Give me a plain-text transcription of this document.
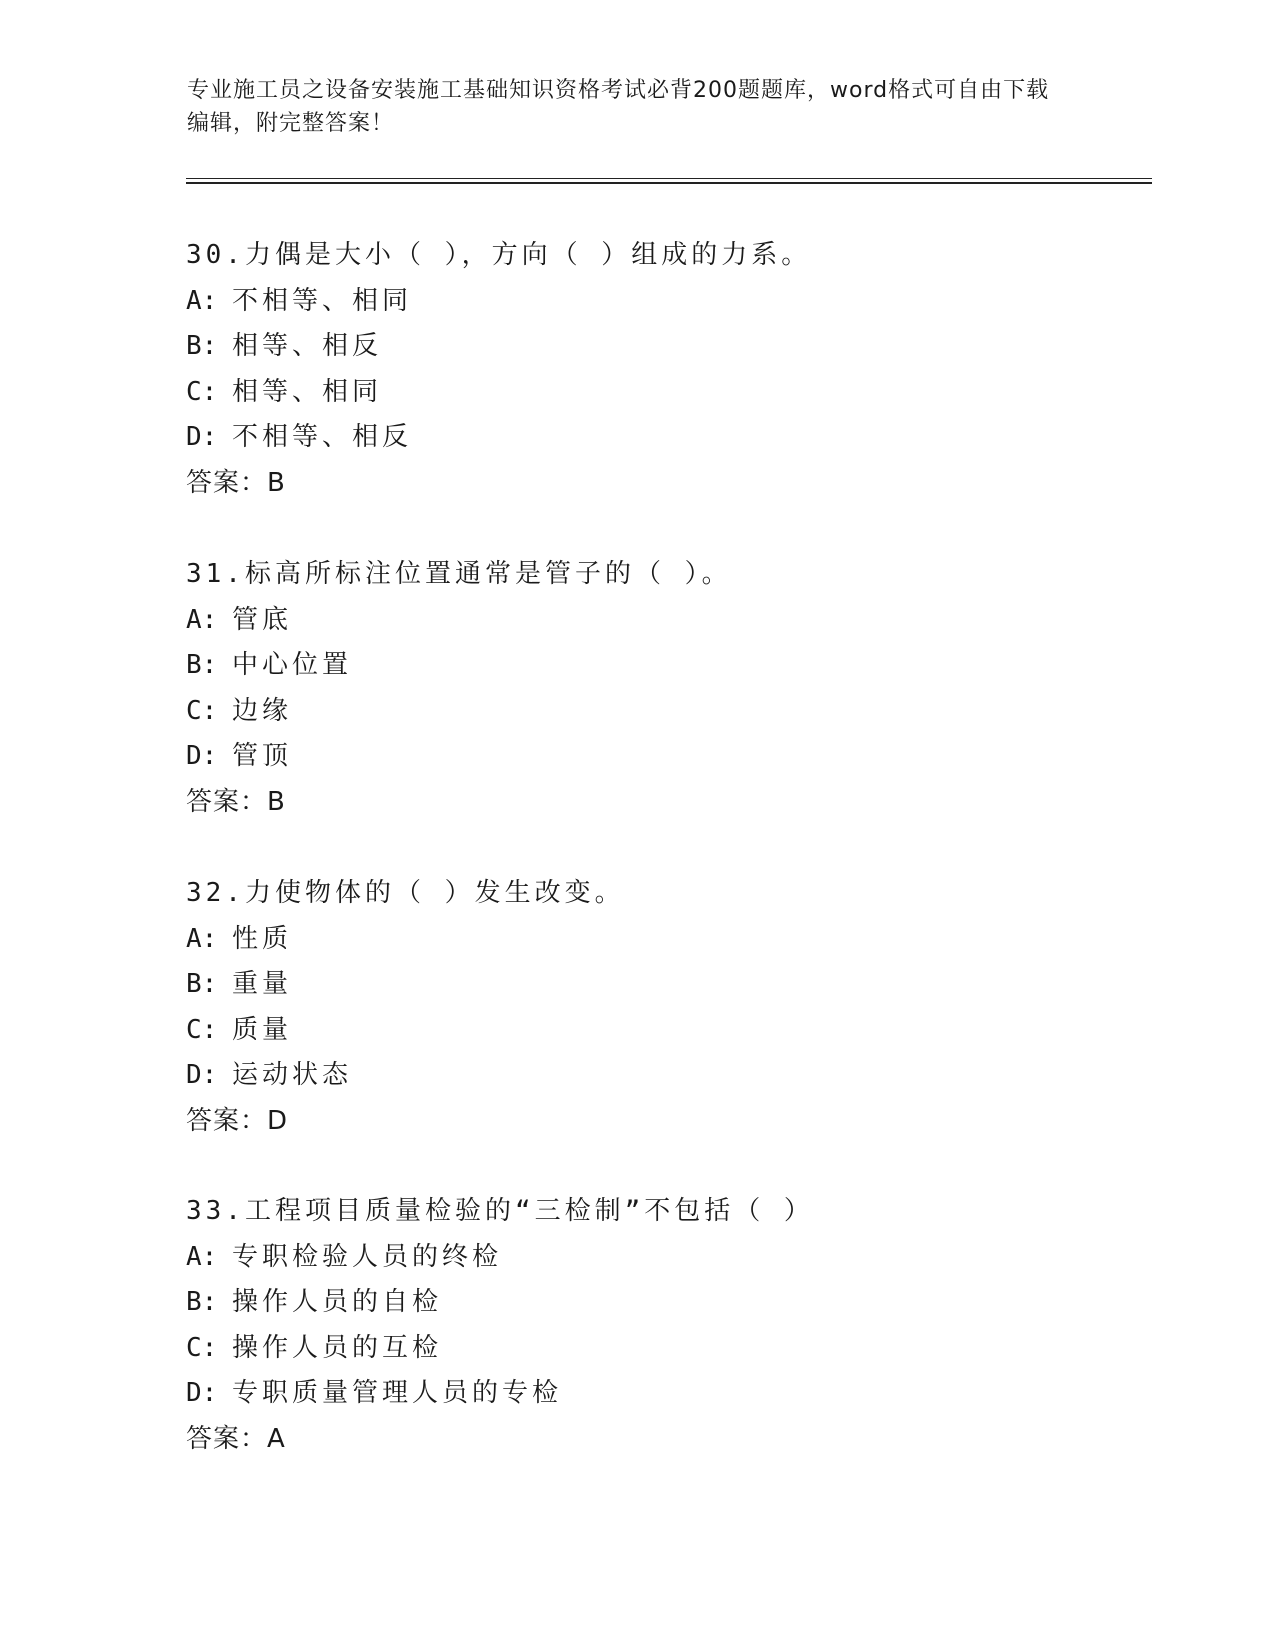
专业施工员之设备安装施工基础知识资格考试必背200题题库，word格式可自由下载编辑，附完整答案！
30.力偶是大小（ ），方向（ ）组成的力系。
A: 不相等、相同
B: 相等、相反
C: 相等、相同
D: 不相等、相反
答案：B
31.标高所标注位置通常是管子的（ ）。
A: 管底
B: 中心位置
C: 边缘
D: 管顶
答案：B
32.力使物体的（ ）发生改变。
A: 性质
B: 重量
C: 质量
D: 运动状态
答案：D
33.工程项目质量检验的“三检制”不包括（ ）
A: 专职检验人员的终检
B: 操作人员的自检
C: 操作人员的互检
D: 专职质量管理人员的专检
答案：A
